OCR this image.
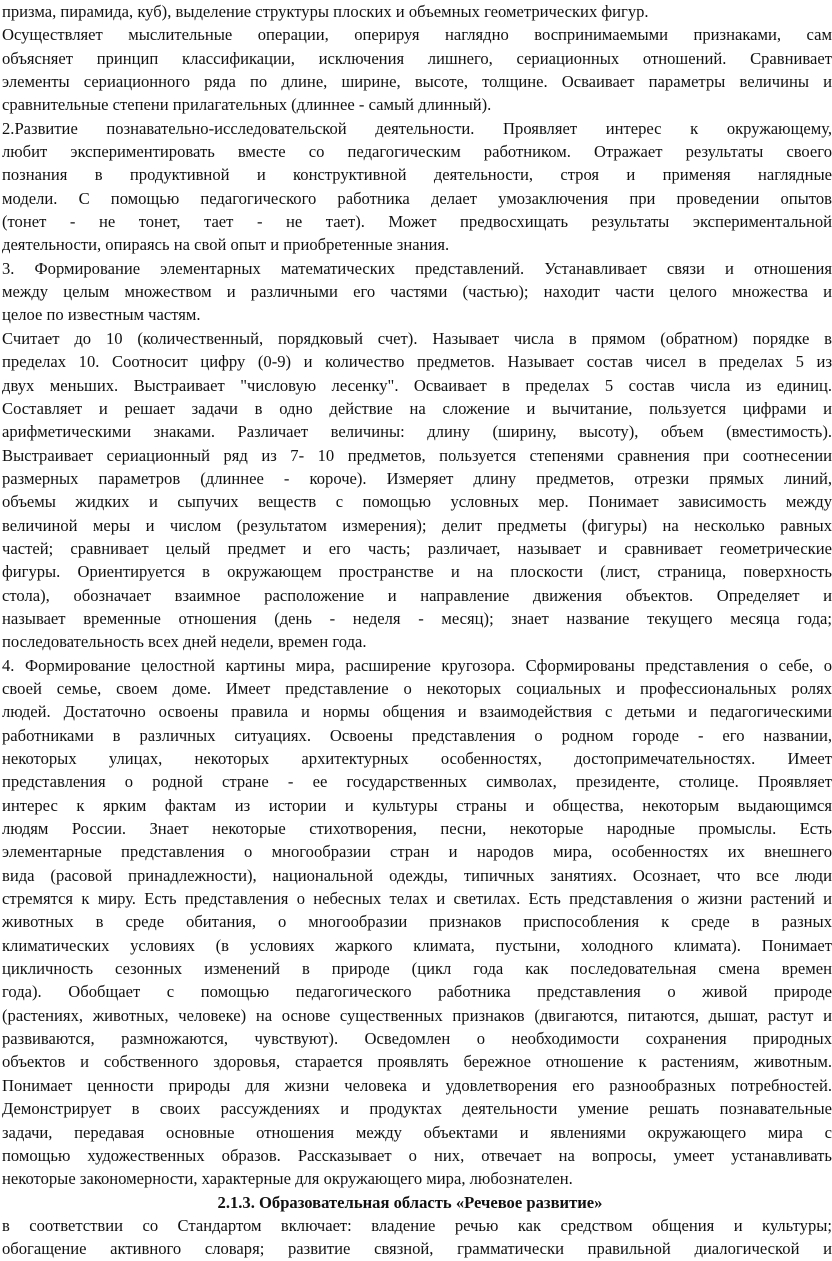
призма, пирамида, куб), выделение структуры плоских и объемных геометрических фигур.
Осуществляет мыслительные операции, оперируя наглядно воспринимаемыми признаками, сам
объясняет принцип классификации, исключения лишнего, сериационных отношений. Сравнивает
элементы сериационного ряда по длине, ширине, высоте, толщине. Осваивает параметры величины и
сравнительные степени прилагательных (длиннее - самый длинный).
2.Развитие познавательно-исследовательской деятельности. Проявляет интерес к окружающему,
любит экспериментировать вместе со педагогическим работником. Отражает результаты своего
познания в продуктивной и конструктивной деятельности, строя и применяя наглядные
модели. С помощью педагогического работника делает умозаключения при проведении опытов
(тонет - не тонет, тает - не тает). Может предвосхищать результаты экспериментальной
деятельности, опираясь на свой опыт и приобретенные знания.
3. Формирование элементарных математических представлений. Устанавливает связи и отношения
между целым множеством и различными его частями (частью); находит части целого множества и
целое по известным частям.
Считает до 10 (количественный, порядковый счет). Называет числа в прямом (обратном) порядке в
пределах 10. Соотносит цифру (0-9) и количество предметов. Называет состав чисел в пределах 5 из
двух меньших. Выстраивает "числовую лесенку". Осваивает в пределах 5 состав числа из единиц.
Составляет и решает задачи в одно действие на сложение и вычитание, пользуется цифрами и
арифметическими знаками. Различает величины: длину (ширину, высоту), объем (вместимость).
Выстраивает сериационный ряд из 7- 10 предметов, пользуется степенями сравнения при соотнесении
размерных параметров (длиннее - короче). Измеряет длину предметов, отрезки прямых линий,
объемы жидких и сыпучих веществ с помощью условных мер. Понимает зависимость между
величиной меры и числом (результатом измерения); делит предметы (фигуры) на несколько равных
частей; сравнивает целый предмет и его часть; различает, называет и сравнивает геометрические
фигуры. Ориентируется в окружающем пространстве и на плоскости (лист, страница, поверхность
стола), обозначает взаимное расположение и направление движения объектов. Определяет и
называет временные отношения (день - неделя - месяц); знает название текущего месяца года;
последовательность всех дней недели, времен года.
4. Формирование целостной картины мира, расширение кругозора. Сформированы представления о себе, о
своей семье, своем доме. Имеет представление о некоторых социальных и профессиональных ролях
людей. Достаточно освоены правила и нормы общения и взаимодействия с детьми и педагогическими
работниками в различных ситуациях. Освоены представления о родном городе - его названии,
некоторых улицах, некоторых архитектурных особенностях, достопримечательностях. Имеет
представления о родной стране - ее государственных символах, президенте, столице. Проявляет
интерес к ярким фактам из истории и культуры страны и общества, некоторым выдающимся
людям России. Знает некоторые стихотворения, песни, некоторые народные промыслы. Есть
элементарные представления о многообразии стран и народов мира, особенностях их внешнего
вида (расовой принадлежности), национальной одежды, типичных занятиях. Осознает, что все люди
стремятся к миру. Есть представления о небесных телах и светилах. Есть представления о жизни растений и
животных в среде обитания, о многообразии признаков приспособления к среде в разных
климатических условиях (в условиях жаркого климата, пустыни, холодного климата). Понимает
цикличность сезонных изменений в природе (цикл года как последовательная смена времен
года). Обобщает с помощью педагогического работника представления о живой природе
(растениях, животных, человеке) на основе существенных признаков (двигаются, питаются, дышат, растут и
развиваются, размножаются, чувствуют). Осведомлен о необходимости сохранения природных
объектов и собственного здоровья, старается проявлять бережное отношение к растениям, животным.
Понимает ценности природы для жизни человека и удовлетворения его разнообразных потребностей.
Демонстрирует в своих рассуждениях и продуктах деятельности умение решать познавательные
задачи, передавая основные отношения между объектами и явлениями окружающего мира с
помощью художественных образов. Рассказывает о них, отвечает на вопросы, умеет устанавливать
некоторые закономерности, характерные для окружающего мира, любознателен.
2.1.3. Образовательная область «Речевое развитие»
в соответствии со Стандартом включает: владение речью как средством общения и культуры;
обогащение активного словаря; развитие связной, грамматически правильной диалогической и
